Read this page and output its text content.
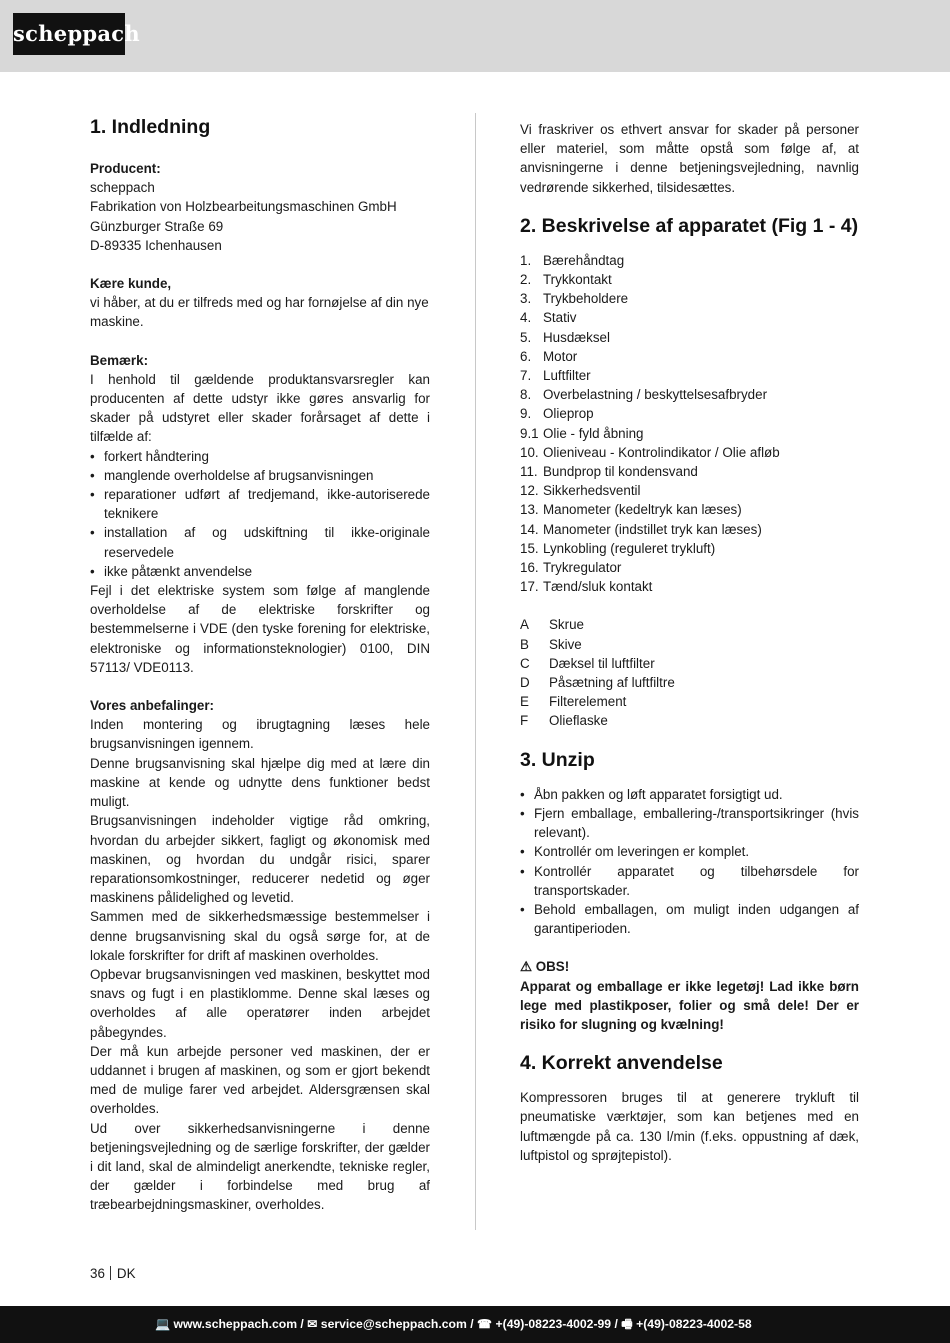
scheppach
1. Indledning
Producent:
scheppach
Fabrikation von Holzbearbeitungsmaschinen GmbH
Günzburger Straße 69
D-89335 Ichenhausen
Kære kunde,
vi håber, at du er tilfreds med og har fornøjelse af din nye maskine.
Bemærk:
I henhold til gældende produktansvarsregler kan producenten af dette udstyr ikke gøres ansvarlig for skader på udstyret eller skader forårsaget af dette i tilfælde af:
• forkert håndtering
• manglende overholdelse af brugsanvisningen
• reparationer udført af tredjemand, ikke-autoriserede teknikere
• installation af og udskiftning til ikke-originale reservedele
• ikke påtænkt anvendelse
Fejl i det elektriske system som følge af manglende overholdelse af de elektriske forskrifter og bestemmelserne i VDE (den tyske forening for elektriske, elektroniske og informationsteknologier) 0100, DIN 57113/ VDE0113.
Vores anbefalinger:
Inden montering og ibrugtagning læses hele brugsanvisningen igennem.
Denne brugsanvisning skal hjælpe dig med at lære din maskine at kende og udnytte dens funktioner bedst muligt.
Brugsanvisningen indeholder vigtige råd omkring, hvordan du arbejder sikkert, fagligt og økonomisk med maskinen, og hvordan du undgår risici, sparer reparationsomkostninger, reducerer nedetid og øger maskinens pålidelighed og levetid.
Sammen med de sikkerhedsmæssige bestemmelser i denne brugsanvisning skal du også sørge for, at de lokale forskrifter for drift af maskinen overholdes.
Opbevar brugsanvisningen ved maskinen, beskyttet mod snavs og fugt i en plastiklomme. Denne skal læses og overholdes af alle operatører inden arbejdet påbegyndes.
Der må kun arbejde personer ved maskinen, der er uddannet i brugen af maskinen, og som er gjort bekendt med de mulige farer ved arbejdet. Aldersgrænsen skal overholdes.
Ud over sikkerhedsanvisningerne i denne betjeningsvejledning og de særlige forskrifter, der gælder i dit land, skal de almindeligt anerkendte, tekniske regler, der gælder i forbindelse med brug af træbearbejdningsmaskiner, overholdes.
Vi fraskriver os ethvert ansvar for skader på personer eller materiel, som måtte opstå som følge af, at anvisningerne i denne betjeningsvejledning, navnlig vedrørende sikkerhed, tilsidesættes.
2. Beskrivelse af apparatet (Fig 1 - 4)
1. Bærehåndtag
2. Trykkontakt
3. Trykbeholdere
4. Stativ
5. Husdæksel
6. Motor
7. Luftfilter
8. Overbelastning / beskyttelsesafbryder
9. Olieprop
9.1 Olie - fyld åbning
10. Olieniveau - Kontrolindikator / Olie afløb
11. Bundprop til kondensvand
12. Sikkerhedsventil
13. Manometer (kedeltryk kan læses)
14. Manometer (indstillet tryk kan læses)
15. Lynkobling (reguleret trykluft)
16. Trykregulator
17. Tænd/sluk kontakt
A Skrue
B Skive
C Dæksel til luftfilter
D Påsætning af luftfiltre
E Filterelement
F Olieflaske
3. Unzip
• Åbn pakken og løft apparatet forsigtigt ud.
• Fjern emballage, emballering-/transportsikringer (hvis relevant).
• Kontrollér om leveringen er komplet.
• Kontrollér apparatet og tilbehørsdele for transportskader.
• Behold emballagen, om muligt inden udgangen af garantiperioden.
⚠ OBS!
Apparat og emballage er ikke legetøj! Lad ikke børn lege med plastikposer, folier og små dele! Der er risiko for slugning og kvælning!
4. Korrekt anvendelse
Kompressoren bruges til at generere trykluft til pneumatiske værktøjer, som kan betjenes med en luftmængde på ca. 130 l/min (f.eks. oppustning af dæk, luftpistol og sprøjtepistol).
36 DK
💻 www.scheppach.com / ✉ service@scheppach.com / ☎ +(49)-08223-4002-99 / 🖷 +(49)-08223-4002-58
